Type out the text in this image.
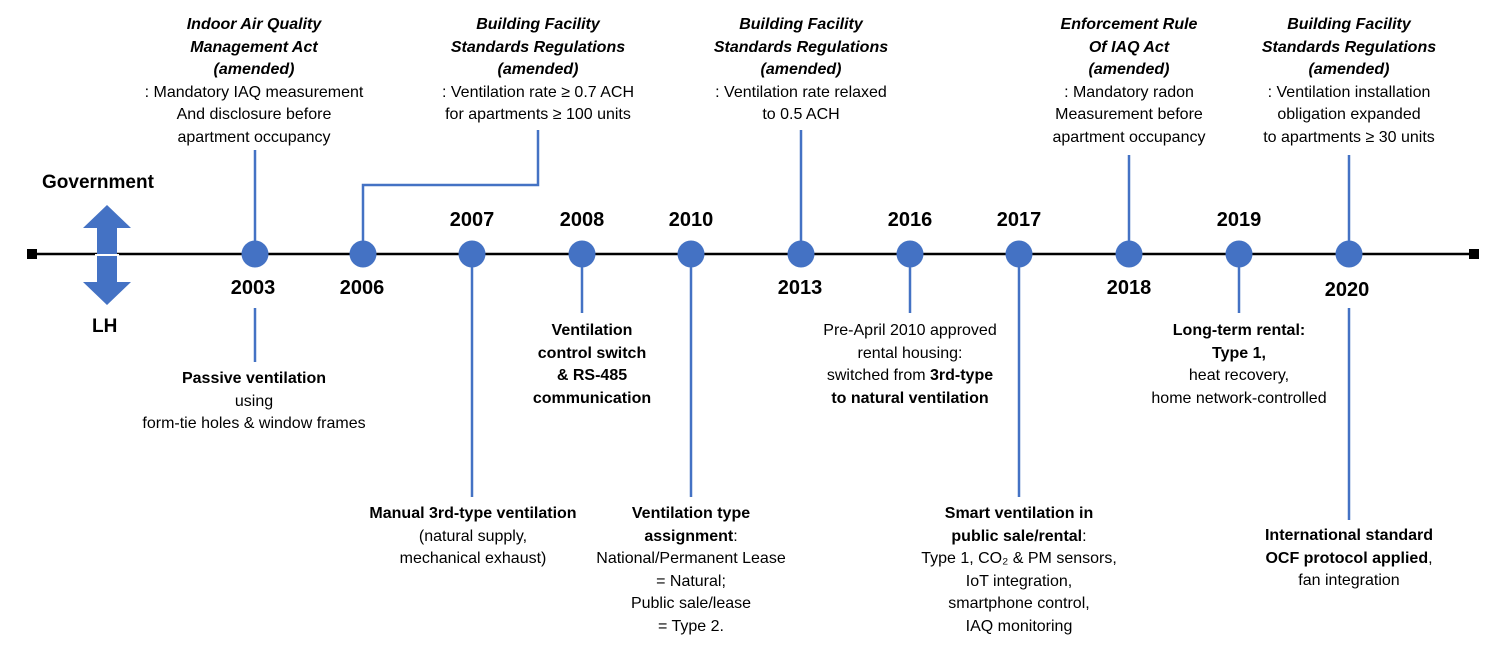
Government
LH
2007	2008	2010	2016	2017	2019
2003	2006	2013	2018	2020
Indoor Air Quality
Management Act
(amended)
: Mandatory IAQ measurement
And disclosure before
apartment occupancy
Building Facility
Standards Regulations
(amended)
: Ventilation rate ≥ 0.7 ACH
for apartments ≥ 100 units
Building Facility
Standards Regulations
(amended)
: Ventilation rate relaxed
to 0.5 ACH
Enforcement Rule
Of IAQ Act
(amended)
: Mandatory radon
Measurement before
apartment occupancy
Building Facility
Standards Regulations
(amended)
: Ventilation installation
obligation expanded
to apartments ≥ 30 units
Passive ventilation
using
form-tie holes & window frames
Manual 3rd-type ventilation
(natural supply,
mechanical exhaust)
Ventilation
control switch
& RS-485
communication
Ventilation type
assignment:
National/Permanent Lease
= Natural;
Public sale/lease
= Type 2.
Pre-April 2010 approved
rental housing:
switched from 3rd-type
to natural ventilation
Smart ventilation in
public sale/rental:
Type 1, CO₂ & PM sensors,
IoT integration,
smartphone control,
IAQ monitoring
Long-term rental:
Type 1,
heat recovery,
home network-controlled
International standard
OCF protocol applied,
fan integration
